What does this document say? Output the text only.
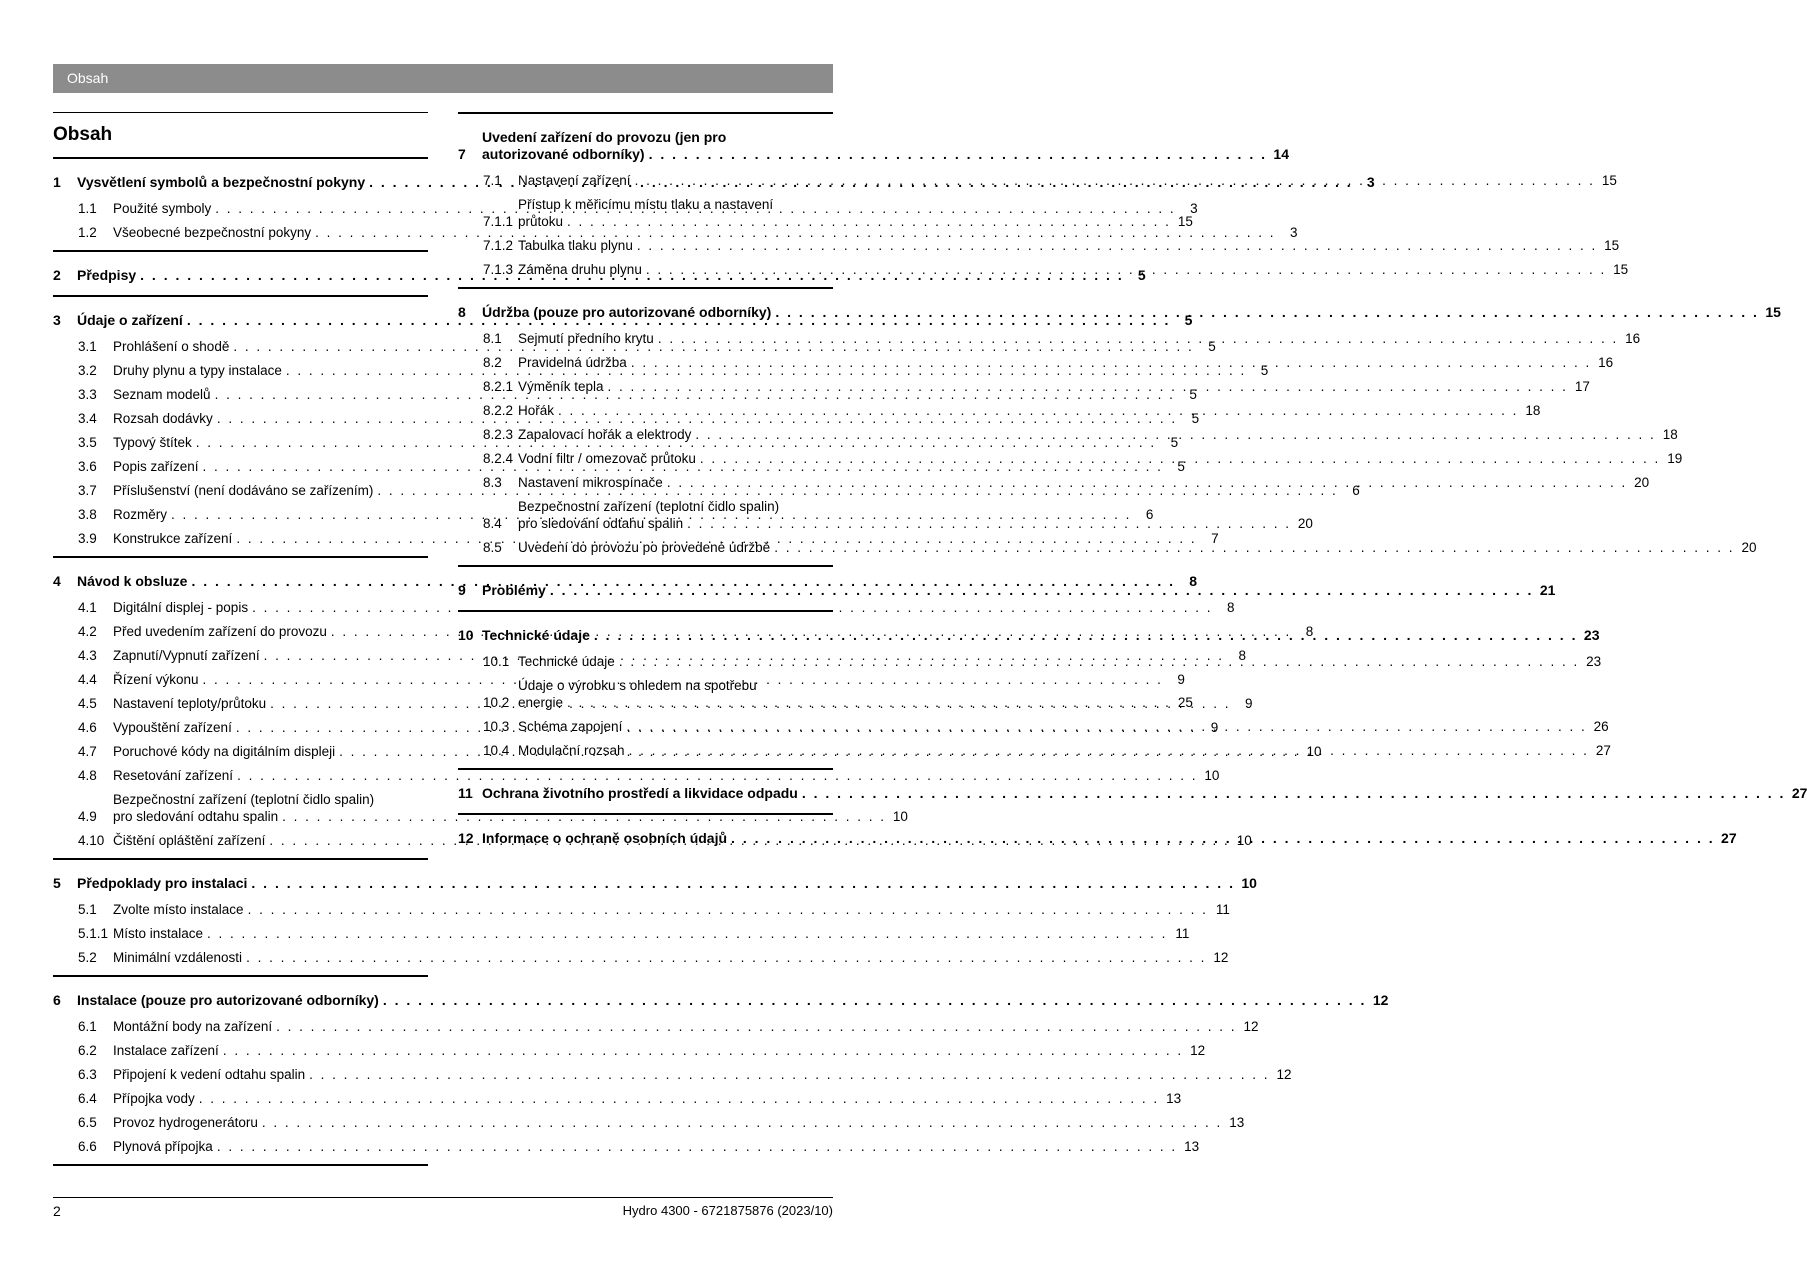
Obsah
Obsah
1	Vysvětlení symbolů a bezpečnostní pokyny . . .	3
1.1	Použité symboly . . .	3
1.2	Všeobecné bezpečnostní pokyny . . .	3
2	Předpisy . . .	5
3	Údaje o zařízení . . .	5
3.1	Prohlášení o shodě . . .	5
3.2	Druhy plynu a typy instalace . . .	5
3.3	Seznam modelů . . .	5
3.4	Rozsah dodávky . . .	5
3.5	Typový štítek . . .	5
3.6	Popis zařízení . . .	5
3.7	Příslušenství (není dodáváno se zařízením) . . .	6
3.8	Rozměry . . .	6
3.9	Konstrukce zařízení . . .	7
4	Návod k obsluze . . .	8
4.1	Digitální displej - popis . . .	8
4.2	Před uvedením zařízení do provozu . . .	8
4.3	Zapnutí/Vypnutí zařízení . . .	8
4.4	Řízení výkonu . . .	9
4.5	Nastavení teploty/průtoku . . .	9
4.6	Vypouštění zařízení . . .	9
4.7	Poruchové kódy na digitálním displeji . . .	10
4.8	Resetování zařízení . . .	10
4.9
Bezpečnostní zařízení (teplotní čidlo spalin)
pro sledování odtahu spalin . . .	10
4.10 Čištění opláštění zařízení . . .	10
5	Předpoklady pro instalaci . . .	10
5.1	Zvolte místo instalace . . .	11
5.1.1 Místo instalace . . .	11
5.2	Minimální vzdálenosti . . .	12
6	Instalace (pouze pro autorizované odborníky) . . .	12
6.1	Montážní body na zařízení . . .	12
6.2	Instalace zařízení . . .	12
6.3	Připojení k vedení odtahu spalin . . .	12
6.4	Přípojka vody . . .	13
6.5	Provoz hydrogenerátoru . . .	13
6.6	Plynová přípojka . . .	13
7
Uvedení zařízení do provozu (jen pro
autorizované odborníky) . . .	14
7.1	Nastavení zařízení . . .	15
7.1.1
Přístup k měřicímu místu tlaku a nastavení
průtoku . . .	15
7.1.2 Tabulka tlaku plynu . . .	15
7.1.3 Záměna druhu plynu . . .	15
8	Údržba (pouze pro autorizované odborníky) . . .	15
8.1	Sejmutí předního krytu . . .	16
8.2	Pravidelná údržba . . .	16
8.2.1 Výměník tepla . . .	17
8.2.2 Hořák . . .	18
8.2.3 Zapalovací hořák a elektrody . . .	18
8.2.4 Vodní filtr / omezovač průtoku . . .	19
8.3	Nastavení mikrospínače . . .	20
8.4
Bezpečnostní zařízení (teplotní čidlo spalin)
pro sledování odtahu spalin . . .	20
8.5	Uvedení do provozu po provedené údržbě . . .	20
9	Problémy . . .	21
10 Technické údaje . . .	23
10.1 Technické údaje . . .	23
10.2
Údaje o výrobku s ohledem na spotřebu
energie . . .	25
10.3 Schéma zapojení . . .	26
10.4 Modulační rozsah . . .	27
11 Ochrana životního prostředí a likvidace odpadu . . .	27
12 Informace o ochraně osobních údajů . . .	27
2	Hydro 4300 - 6721875876 (2023/10)
